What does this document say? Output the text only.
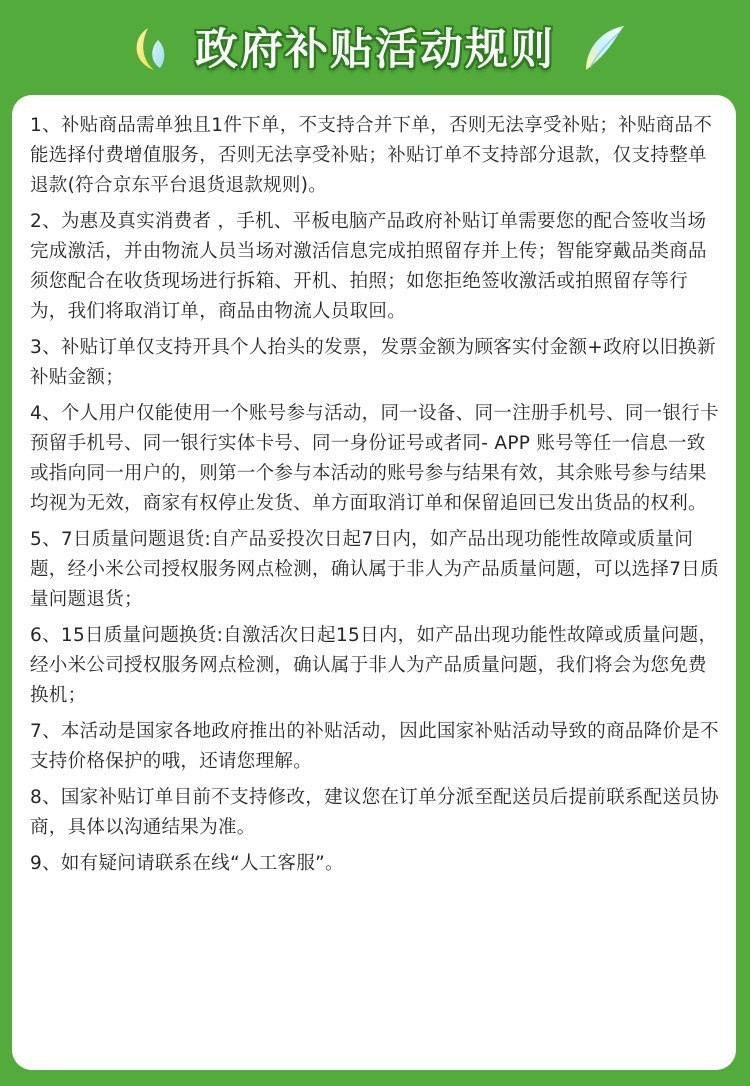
政府补贴活动规则

1、补贴商品需单独且1件下单，不支持合并下单，否则无法享受补贴；补贴商品不能选择付费增值服务，否则无法享受补贴；补贴订单不支持部分退款，仅支持整单退款(符合京东平台退货退款规则)。

2、为惠及真实消费者 ，手机、平板电脑产品政府补贴订单需要您的配合签收当场完成激活，并由物流人员当场对激活信息完成拍照留存并上传；智能穿戴品类商品须您配合在收货现场进行拆箱、开机、拍照；如您拒绝签收激活或拍照留存等行为，我们将取消订单，商品由物流人员取回。

3、补贴订单仅支持开具个人抬头的发票，发票金额为顾客实付金额+政府以旧换新补贴金额；

4、个人用户仅能使用一个账号参与活动，同一设备、同一注册手机号、同一银行卡预留手机号、同一银行实体卡号、同一身份证号或者同- APP 账号等任一信息一致或指向同一用户的，则第一个参与本活动的账号参与结果有效，其余账号参与结果均视为无效，商家有权停止发货、单方面取消订单和保留追回已发出货品的权利。

5、7日质量问题退货:自产品妥投次日起7日内，如产品出现功能性故障或质量问题，经小米公司授权服务网点检测，确认属于非人为产品质量问题，可以选择7日质量问题退货；

6、15日质量问题换货:自激活次日起15日内，如产品出现功能性故障或质量问题，经小米公司授权服务网点检测，确认属于非人为产品质量问题，我们将会为您免费换机；

7、本活动是国家各地政府推出的补贴活动，因此国家补贴活动导致的商品降价是不支持价格保护的哦，还请您理解。

8、国家补贴订单目前不支持修改，建议您在订单分派至配送员后提前联系配送员协商，具体以沟通结果为准。

9、如有疑问请联系在线“人工客服”。
